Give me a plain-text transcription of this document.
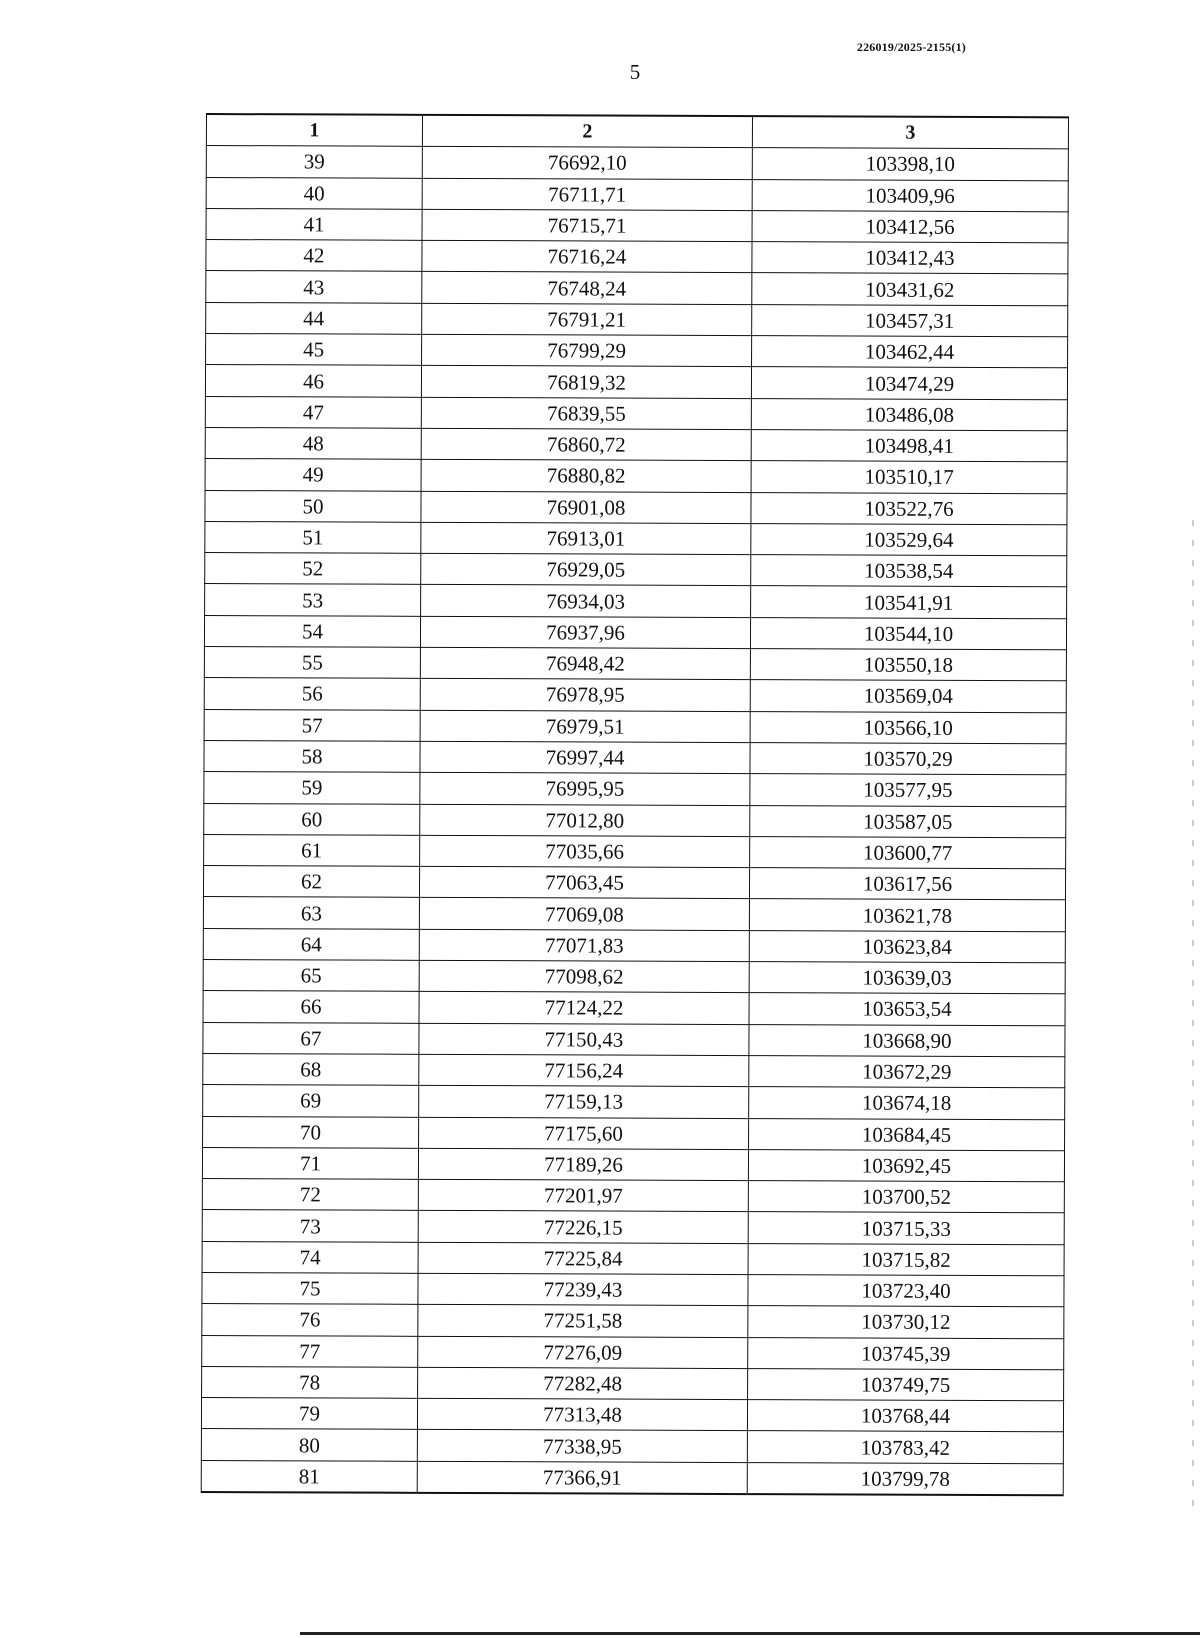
226019/2025-2155(1)
5
1	2	3
39	76692,10	103398,10
40	76711,71	103409,96
41	76715,71	103412,56
42	76716,24	103412,43
43	76748,24	103431,62
44	76791,21	103457,31
45	76799,29	103462,44
46	76819,32	103474,29
47	76839,55	103486,08
48	76860,72	103498,41
49	76880,82	103510,17
50	76901,08	103522,76
51	76913,01	103529,64
52	76929,05	103538,54
53	76934,03	103541,91
54	76937,96	103544,10
55	76948,42	103550,18
56	76978,95	103569,04
57	76979,51	103566,10
58	76997,44	103570,29
59	76995,95	103577,95
60	77012,80	103587,05
61	77035,66	103600,77
62	77063,45	103617,56
63	77069,08	103621,78
64	77071,83	103623,84
65	77098,62	103639,03
66	77124,22	103653,54
67	77150,43	103668,90
68	77156,24	103672,29
69	77159,13	103674,18
70	77175,60	103684,45
71	77189,26	103692,45
72	77201,97	103700,52
73	77226,15	103715,33
74	77225,84	103715,82
75	77239,43	103723,40
76	77251,58	103730,12
77	77276,09	103745,39
78	77282,48	103749,75
79	77313,48	103768,44
80	77338,95	103783,42
81	77366,91	103799,78
